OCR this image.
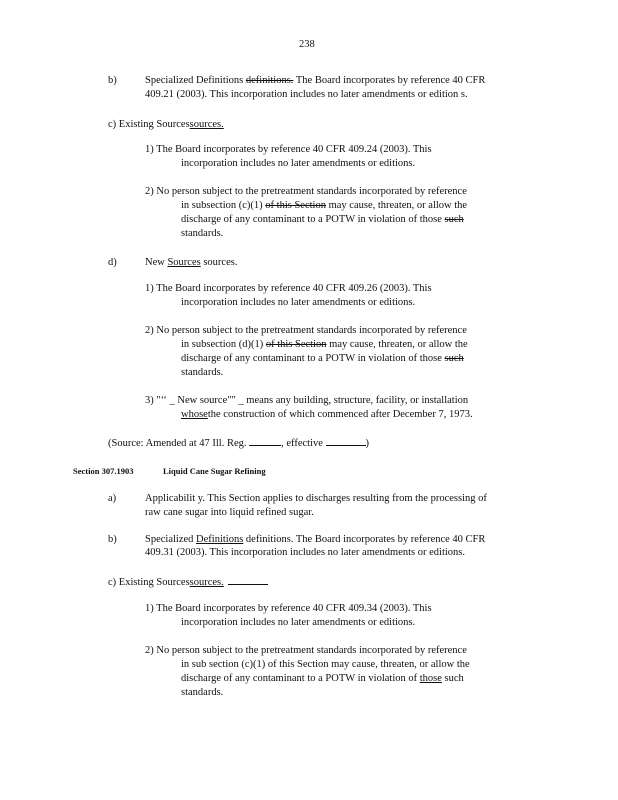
238
b)	Specialized Definitions definitions. The Board incorporates by reference 40 CFR
409.21 (2003). This incorporation includes no later amendments or edition s.
c) Existing Sourcessources.
1) The Board incorporates by reference 40 CFR 409.24 (2003). This
incorporation includes no later amendments or editions.
2) No person subject to the pretreatment standards incorporated by reference
in subsection (c)(1) of this Section may cause, threaten, or allow the
discharge of any contaminant to a POTW in violation of those such
standards.
d)	New Sources sources.
1) The Board incorporates by reference 40 CFR 409.26 (2003). This
incorporation includes no later amendments or editions.
2) No person subject to the pretreatment standards incorporated by reference
in subsection (d)(1) of this Section may cause, threaten, or allow the
discharge of any contaminant to a POTW in violation of those such
standards.
3) "‘‘ _ New source"" _ means any building, structure, facility, or installation
whosethe construction of which commenced after December 7, 1973.
(Source: Amended at 47 Ill. Reg.	, effective	)
Section 307.1903	Liquid Cane Sugar Refining
a)	Applicabilit y. This Section applies to discharges resulting from the processing of
raw cane sugar into liquid refined sugar.
b)	Specialized Definitions definitions. The Board incorporates by reference 40 CFR
409.31 (2003). This incorporation includes no later amendments or editions.
c) Existing Sourcessources.
1) The Board incorporates by reference 40 CFR 409.34 (2003). This
incorporation includes no later amendments or editions.
2) No person subject to the pretreatment standards incorporated by reference
in sub section (c)(1) of this Section may cause, threaten, or allow the
discharge of any contaminant to a POTW in violation of those such
standards.
